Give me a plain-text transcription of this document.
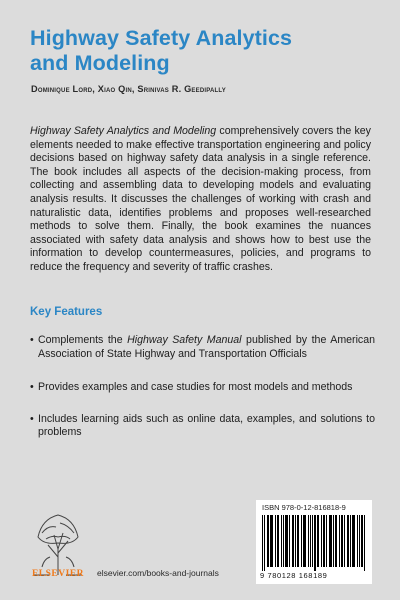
Highway Safety Analytics
and Modeling
Dominique Lord, Xiao Qin, Srinivas R. Geedipally

Highway Safety Analytics and Modeling comprehensively covers the key elements needed to make effective transportation engineering and policy decisions based on highway safety data analysis in a single reference. The book includes all aspects of the decision-making process, from collecting and assembling data to developing models and evaluating analysis results. It discusses the challenges of working with crash and naturalistic data, identifies problems and proposes well-researched methods to solve them. Finally, the book examines the nuances associated with safety data analysis and shows how to best use the information to develop countermeasures, policies, and programs to reduce the frequency and severity of traffic crashes.

Key Features
• Complements the Highway Safety Manual published by the American Association of State Highway and Transportation Officials
• Provides examples and case studies for most models and methods
• Includes learning aids such as online data, examples, and solutions to problems
ELSEVIER	elsevier.com/books-and-journals
ISBN 978-0-12-816818-9
9 780128 168189
